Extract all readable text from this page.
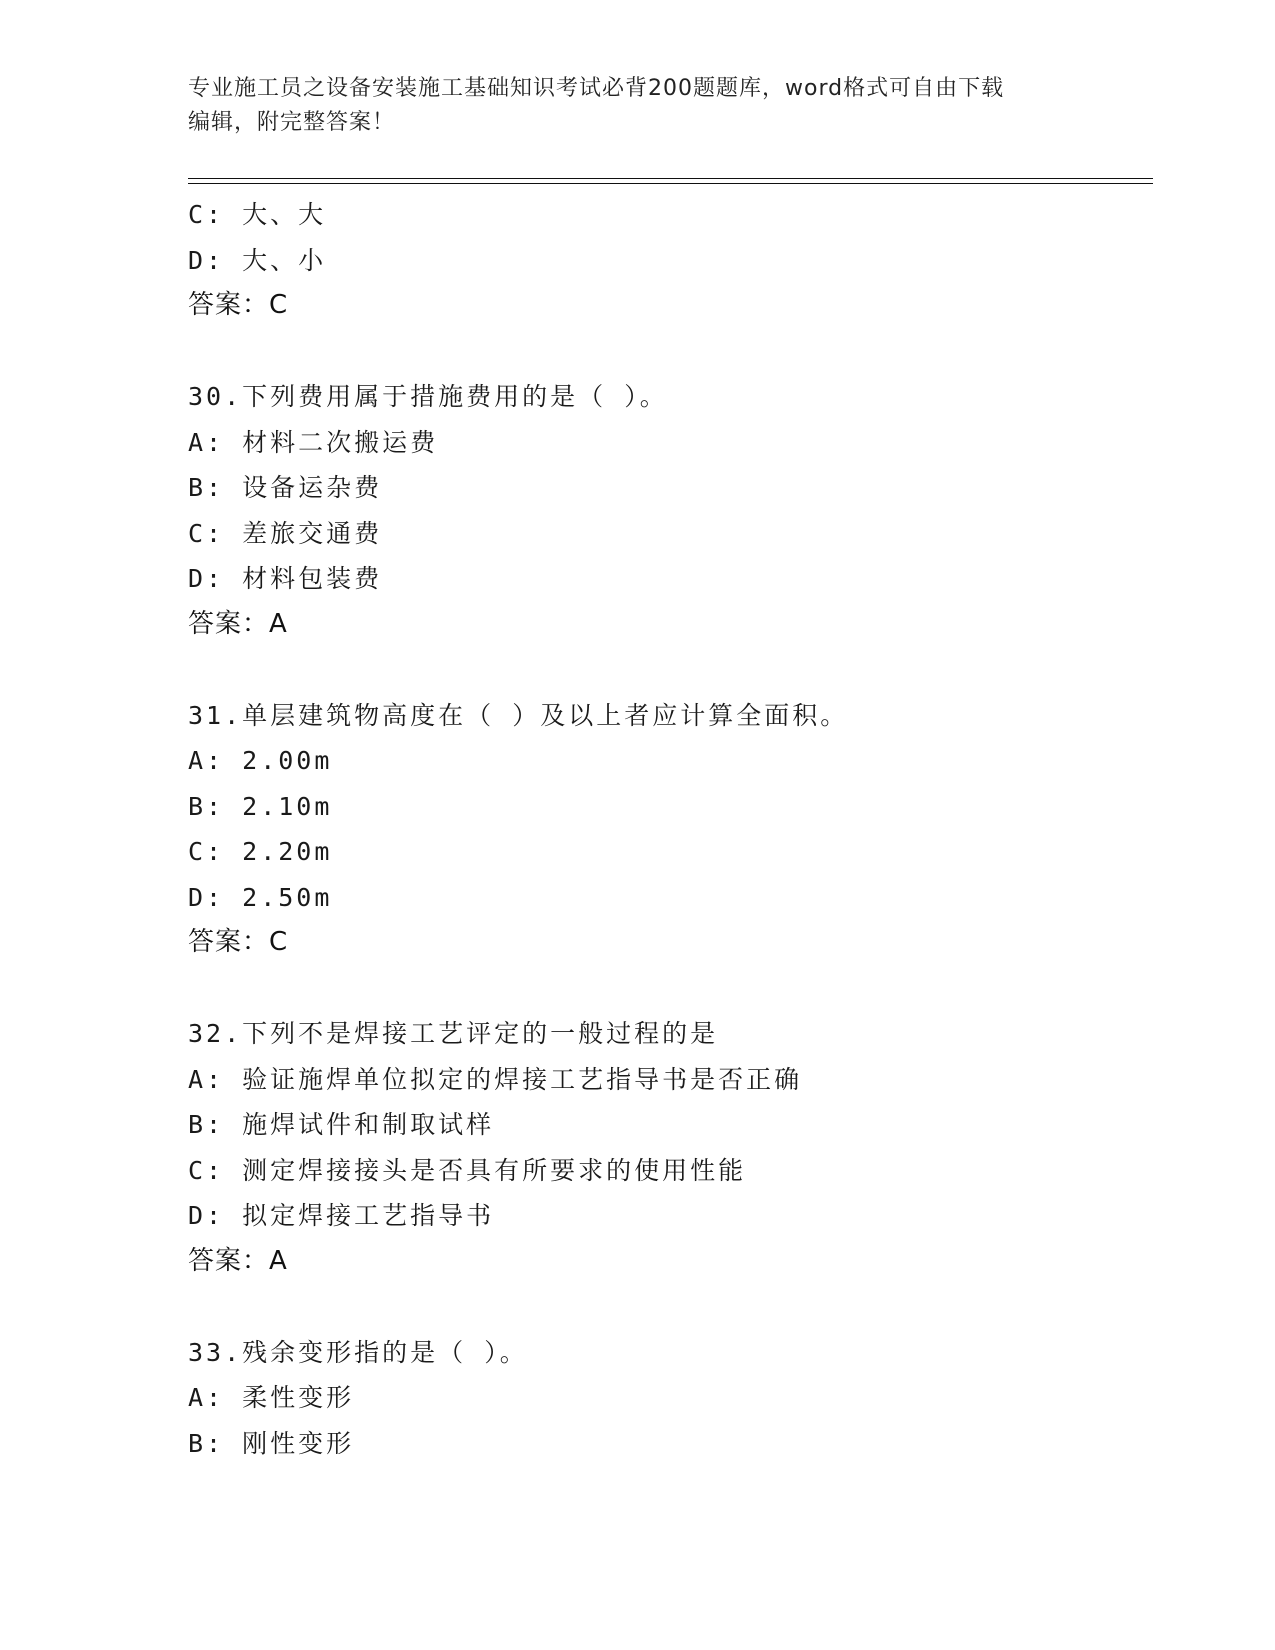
专业施工员之设备安装施工基础知识考试必背200题题库，word格式可自由下载
编辑，附完整答案！
C: 大、大
D: 大、小
答案：C
30.下列费用属于措施费用的是（ ）。
A: 材料二次搬运费
B: 设备运杂费
C: 差旅交通费
D: 材料包装费
答案：A
31.单层建筑物高度在（ ）及以上者应计算全面积。
A: 2.00m
B: 2.10m
C: 2.20m
D: 2.50m
答案：C
32.下列不是焊接工艺评定的一般过程的是
A: 验证施焊单位拟定的焊接工艺指导书是否正确
B: 施焊试件和制取试样
C: 测定焊接接头是否具有所要求的使用性能
D: 拟定焊接工艺指导书
答案：A
33.残余变形指的是（ ）。
A: 柔性变形
B: 刚性变形
